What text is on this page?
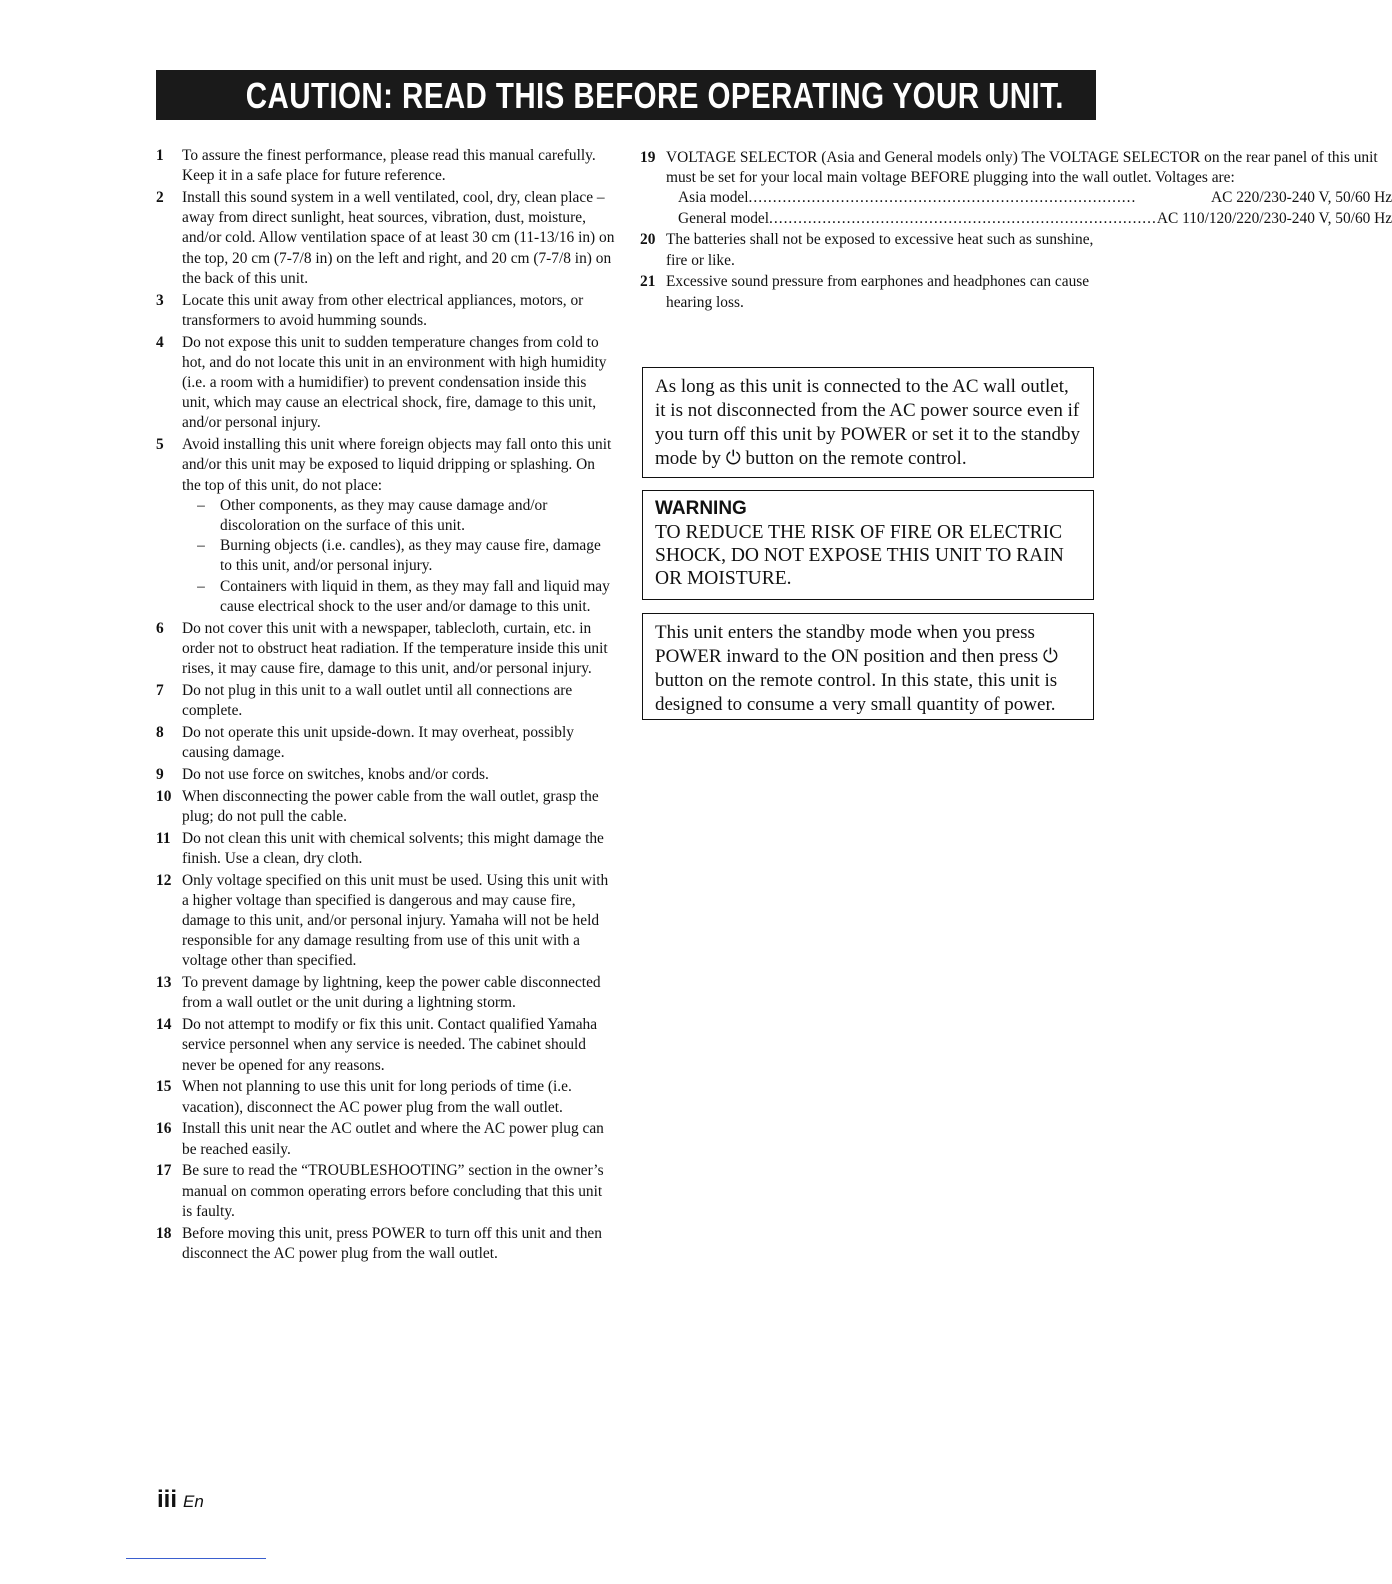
CAUTION: READ THIS BEFORE OPERATING YOUR UNIT.
1	To assure the finest performance, please read this manual carefully. Keep it in a safe place for future reference.
2	Install this sound system in a well ventilated, cool, dry, clean place – away from direct sunlight, heat sources, vibration, dust, moisture, and/or cold. Allow ventilation space of at least 30 cm (11-13/16 in) on the top, 20 cm (7-7/8 in) on the left and right, and 20 cm (7-7/8 in) on the back of this unit.
3	Locate this unit away from other electrical appliances, motors, or transformers to avoid humming sounds.
4	Do not expose this unit to sudden temperature changes from cold to hot, and do not locate this unit in an environment with high humidity (i.e. a room with a humidifier) to prevent condensation inside this unit, which may cause an electrical shock, fire, damage to this unit, and/or personal injury.
5	Avoid installing this unit where foreign objects may fall onto this unit and/or this unit may be exposed to liquid dripping or splashing. On the top of this unit, do not place:
– Other components, as they may cause damage and/or discoloration on the surface of this unit.
– Burning objects (i.e. candles), as they may cause fire, damage to this unit, and/or personal injury.
– Containers with liquid in them, as they may fall and liquid may cause electrical shock to the user and/or damage to this unit.
6	Do not cover this unit with a newspaper, tablecloth, curtain, etc. in order not to obstruct heat radiation. If the temperature inside this unit rises, it may cause fire, damage to this unit, and/or personal injury.
7	Do not plug in this unit to a wall outlet until all connections are complete.
8	Do not operate this unit upside-down. It may overheat, possibly causing damage.
9	Do not use force on switches, knobs and/or cords.
10 When disconnecting the power cable from the wall outlet, grasp the plug; do not pull the cable.
11 Do not clean this unit with chemical solvents; this might damage the finish. Use a clean, dry cloth.
12 Only voltage specified on this unit must be used. Using this unit with a higher voltage than specified is dangerous and may cause fire, damage to this unit, and/or personal injury. Yamaha will not be held responsible for any damage resulting from use of this unit with a voltage other than specified.
13 To prevent damage by lightning, keep the power cable disconnected from a wall outlet or the unit during a lightning storm.
14 Do not attempt to modify or fix this unit. Contact qualified Yamaha service personnel when any service is needed. The cabinet should never be opened for any reasons.
15 When not planning to use this unit for long periods of time (i.e. vacation), disconnect the AC power plug from the wall outlet.
16 Install this unit near the AC outlet and where the AC power plug can be reached easily.
17 Be sure to read the “TROUBLESHOOTING” section in the owner’s manual on common operating errors before concluding that this unit is faulty.
18 Before moving this unit, press POWER to turn off this unit and then disconnect the AC power plug from the wall outlet.
19 VOLTAGE SELECTOR (Asia and General models only) The VOLTAGE SELECTOR on the rear panel of this unit must be set for your local main voltage BEFORE plugging into the wall outlet. Voltages are:
Asia model ................................................................................	AC 220/230-240 V, 50/60 Hz
General model ................................................................................ AC 110/120/220/230-240 V, 50/60 Hz
20 The batteries shall not be exposed to excessive heat such as sunshine, fire or like.
21 Excessive sound pressure from earphones and headphones can cause hearing loss.
As long as this unit is connected to the AC wall outlet, it is not disconnected from the AC power source even if you turn off this unit by POWER or set it to the standby mode by ⏻ button on the remote control.
WARNING
TO REDUCE THE RISK OF FIRE OR ELECTRIC SHOCK, DO NOT EXPOSE THIS UNIT TO RAIN OR MOISTURE.
This unit enters the standby mode when you press POWER inward to the ON position and then press ⏻ button on the remote control. In this state, this unit is designed to consume a very small quantity of power.
iii En
